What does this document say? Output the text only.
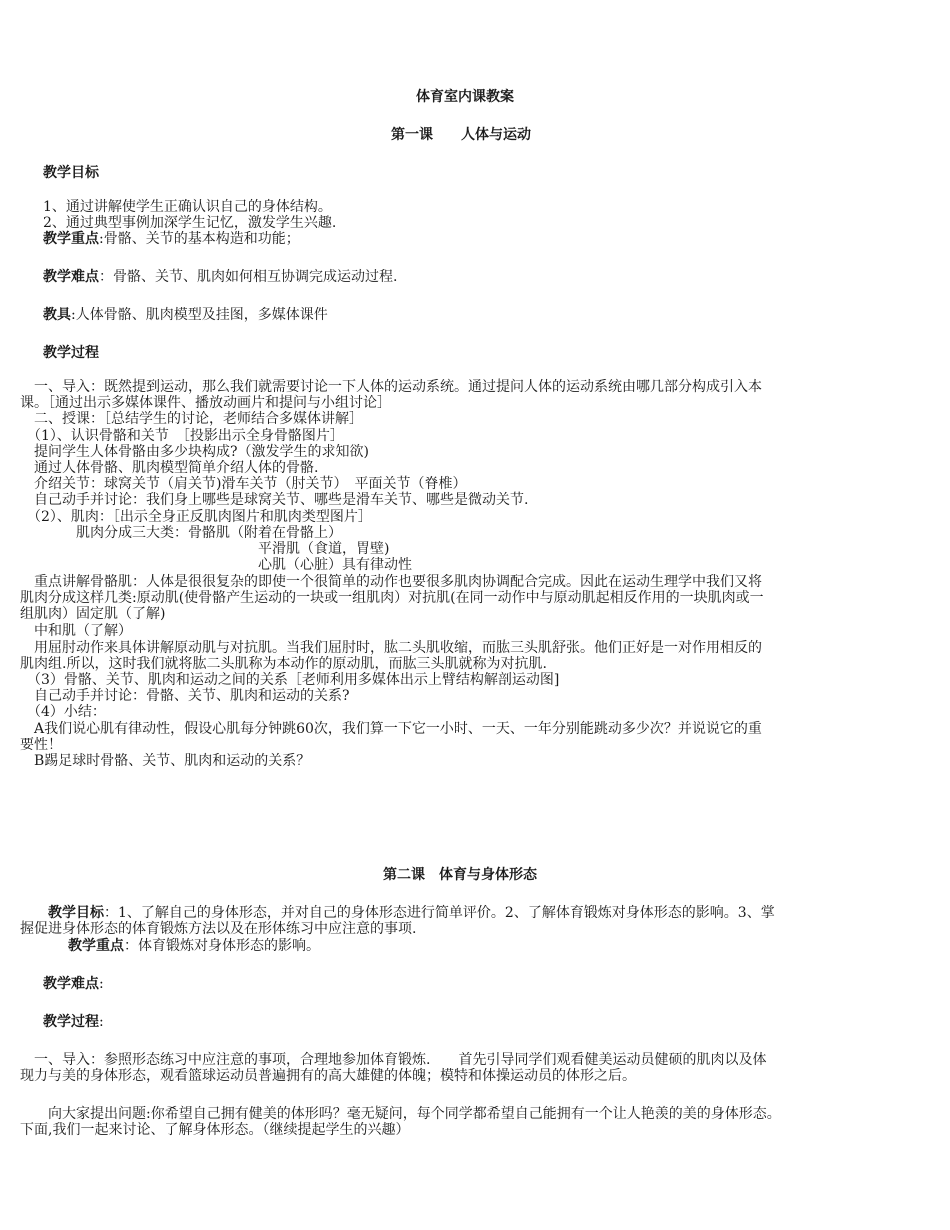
体育室内课教案
第一课　　人体与运动
教学目标
1、通过讲解使学生正确认识自己的身体结构。
2、通过典型事例加深学生记忆，激发学生兴趣.
教学重点:骨骼、关节的基本构造和功能；
教学难点：骨骼、关节、肌肉如何相互协调完成运动过程.
教具:人体骨骼、肌肉模型及挂图，多媒体课件
教学过程
　一、导入：既然提到运动，那么我们就需要讨论一下人体的运动系统。通过提问人体的运动系统由哪几部分构成引入本
课。［通过出示多媒体课件、播放动画片和提问与小组讨论］
　二、授课：［总结学生的讨论，老师结合多媒体讲解］
　（1）、认识骨骼和关节　［投影出示全身骨骼图片］
　提问学生人体骨骼由多少块构成?（激发学生的求知欲)
　通过人体骨骼、肌肉模型简单介绍人体的骨骼.
　介绍关节：球窝关节（肩关节)滑车关节（肘关节）　平面关节（脊椎）
　自己动手并讨论：我们身上哪些是球窝关节、哪些是滑车关节、哪些是微动关节.
　（2）、肌肉：［出示全身正反肌肉图片和肌肉类型图片］
　　　　肌肉分成三大类：骨骼肌（附着在骨骼上）
　　　　　　　　　　　　　　　　　平滑肌（食道，胃壁)
　　　　　　　　　　　　　　　　　心肌（心脏）具有律动性
　重点讲解骨骼肌：人体是很很复杂的即使一个很简单的动作也要很多肌肉协调配合完成。因此在运动生理学中我们又将
肌肉分成这样几类:原动肌(使骨骼产生运动的一块或一组肌肉）对抗肌(在同一动作中与原动肌起相反作用的一块肌肉或一
组肌肉）固定肌（了解)
　中和肌（了解）
　用屈肘动作来具体讲解原动肌与对抗肌。当我们屈肘时，肱二头肌收缩，而肱三头肌舒张。他们正好是一对作用相反的
肌肉组.所以，这时我们就将肱二头肌称为本动作的原动肌，而肱三头肌就称为对抗肌.
　（3）骨骼、关节、肌肉和运动之间的关系［老师利用多媒体出示上臂结构解剖运动图]
　自己动手并讨论：骨骼、关节、肌肉和运动的关系?
　（4）小结：
　A我们说心肌有律动性，假设心肌每分钟跳60次，我们算一下它一小时、一天、一年分别能跳动多少次？并说说它的重
要性！
　B踢足球时骨骼、关节、肌肉和运动的关系？
第二课　体育与身体形态
　　教学目标：1、了解自己的身体形态，并对自己的身体形态进行简单评价。2、了解体育锻炼对身体形态的影响。3、掌
握促进身体形态的体育锻炼方法以及在形体练习中应注意的事项.
教学重点：体育锻炼对身体形态的影响。
教学难点:
教学过程:
　一、导入：参照形态练习中应注意的事项，合理地参加体育锻炼.　　首先引导同学们观看健美运动员健硕的肌肉以及体
现力与美的身体形态，观看篮球运动员普遍拥有的高大雄健的体魄；模特和体操运动员的体形之后。
　　向大家提出问题:你希望自己拥有健美的体形吗？毫无疑问，每个同学都希望自己能拥有一个让人艳羡的美的身体形态。
下面,我们一起来讨论、了解身体形态。（继续提起学生的兴趣）
